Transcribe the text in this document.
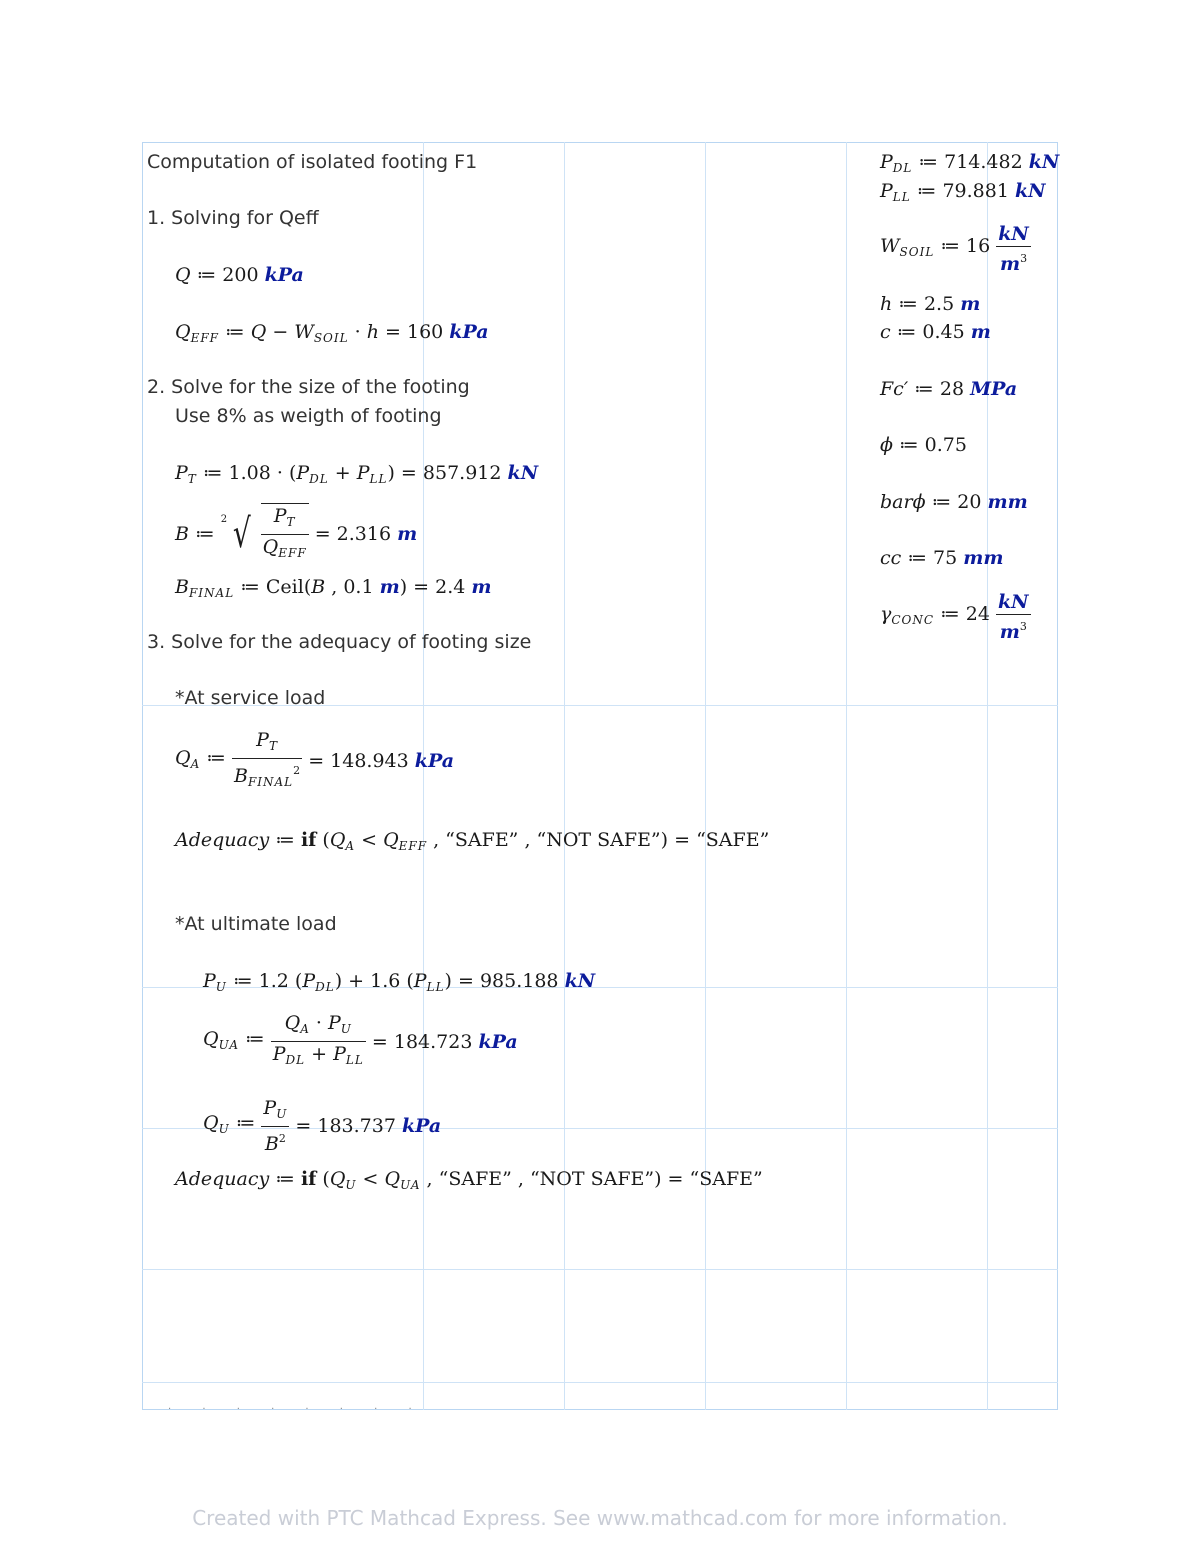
Computation of isolated footing F1
1. Solving for Qeff
Q ≔ 200 kPa
$Q_{EFF}$ ≔ $Q - W_{SOIL} \cdot h = 160$ kPa
2. Solve for the size of the footing
Use 8% as weigth of footing
$P_T$ ≔ $1.08 \cdot (P_{DL} + P_{LL}) = 857.912$ kN
B ≔ 2 √ $\frac{P_T}{Q_{EFF}} = 2.316$ m
$B_{FINAL}$ ≔ Ceil(B , 0.1 m) = 2.4 m
3. Solve for the adequacy of footing size
*At service load
$Q_A$ ≔ $\frac{P_T}{B_{FINAL}^2} = 148.943$ kPa
Adequacy ≔ if ($Q_A < Q_{EFF}$ , “SAFE” , “NOT SAFE”) = “SAFE”
*At ultimate load
$P_U$ ≔ 1.2 $(P_{DL}) + 1.6$ $(P_{LL}) = 985.188$ kN
$Q_{UA}$ ≔ $\frac{Q_A \cdot P_U}{P_{DL} + P_{LL}} = 184.723$ kPa
$Q_U$ ≔ $\frac{P_U}{B^2} = 183.737$ kPa
Adequacy ≔ if ($Q_U < Q_{UA}$ , “SAFE” , “NOT SAFE”) = “SAFE”
· · · · · · · ·
$P_{DL}$ ≔ 714.482 kN
$P_{LL}$ ≔ 79.881 kN
$W_{SOIL}$ ≔ $16 \frac{kN}{m^3}$
h ≔ 2.5 m
c ≔ 0.45 m
Fc′ ≔ 28 MPa
ϕ ≔ 0.75
barϕ ≔ 20 mm
cc ≔ 75 mm
$\gamma_{CONC}$ ≔ $24 \frac{kN}{m^3}$
Created with PTC Mathcad Express. See www.mathcad.com for more information.
